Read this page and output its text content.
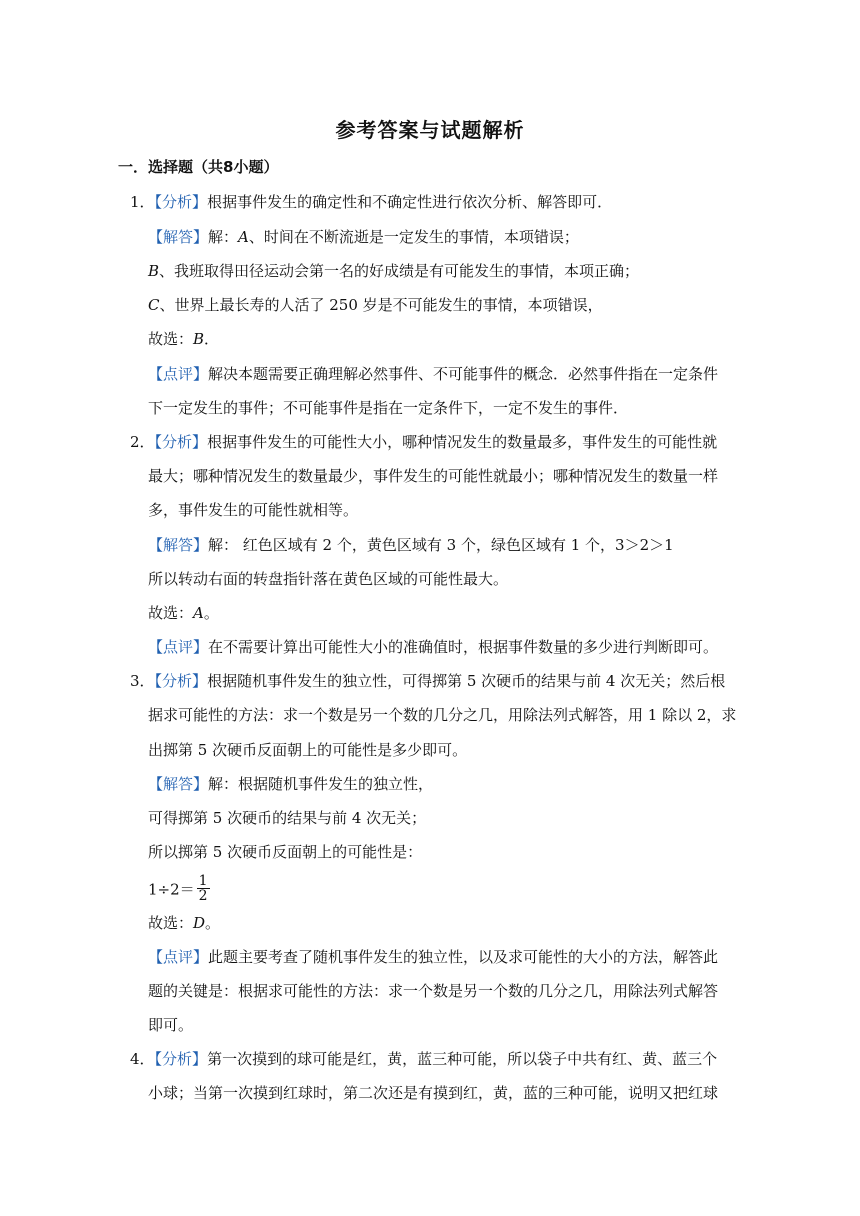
参考答案与试题解析
一．选择题（共8小题）
1．【分析】根据事件发生的确定性和不确定性进行依次分析、解答即可．
【解答】解：A、时间在不断流逝是一定发生的事情，本项错误；
B、我班取得田径运动会第一名的好成绩是有可能发生的事情，本项正确；
C、世界上最长寿的人活了 250 岁是不可能发生的事情，本项错误，
故选：B．
【点评】解决本题需要正确理解必然事件、不可能事件的概念．必然事件指在一定条件
下一定发生的事件；不可能事件是指在一定条件下，一定不发生的事件．
2．【分析】根据事件发生的可能性大小，哪种情况发生的数量最多，事件发生的可能性就
最大；哪种情况发生的数量最少，事件发生的可能性就最小；哪种情况发生的数量一样
多，事件发生的可能性就相等。
【解答】解： 红色区域有 2 个，黄色区域有 3 个，绿色区域有 1 个，3＞2＞1
所以转动右面的转盘指针落在黄色区域的可能性最大。
故选：A。
【点评】在不需要计算出可能性大小的准确值时，根据事件数量的多少进行判断即可。
3．【分析】根据随机事件发生的独立性，可得掷第 5 次硬币的结果与前 4 次无关；然后根
据求可能性的方法：求一个数是另一个数的几分之几，用除法列式解答，用 1 除以 2，求
出掷第 5 次硬币反面朝上的可能性是多少即可。
【解答】解：根据随机事件发生的独立性，
可得掷第 5 次硬币的结果与前 4 次无关；
所以掷第 5 次硬币反面朝上的可能性是：
$1\div 2= \frac{1}{2}$
故选：D。
【点评】此题主要考查了随机事件发生的独立性，以及求可能性的大小的方法，解答此
题的关键是：根据求可能性的方法：求一个数是另一个数的几分之几，用除法列式解答
即可。
4．【分析】第一次摸到的球可能是红，黄，蓝三种可能，所以袋子中共有红、黄、蓝三个
小球；当第一次摸到红球时，第二次还是有摸到红，黄，蓝的三种可能，说明又把红球
